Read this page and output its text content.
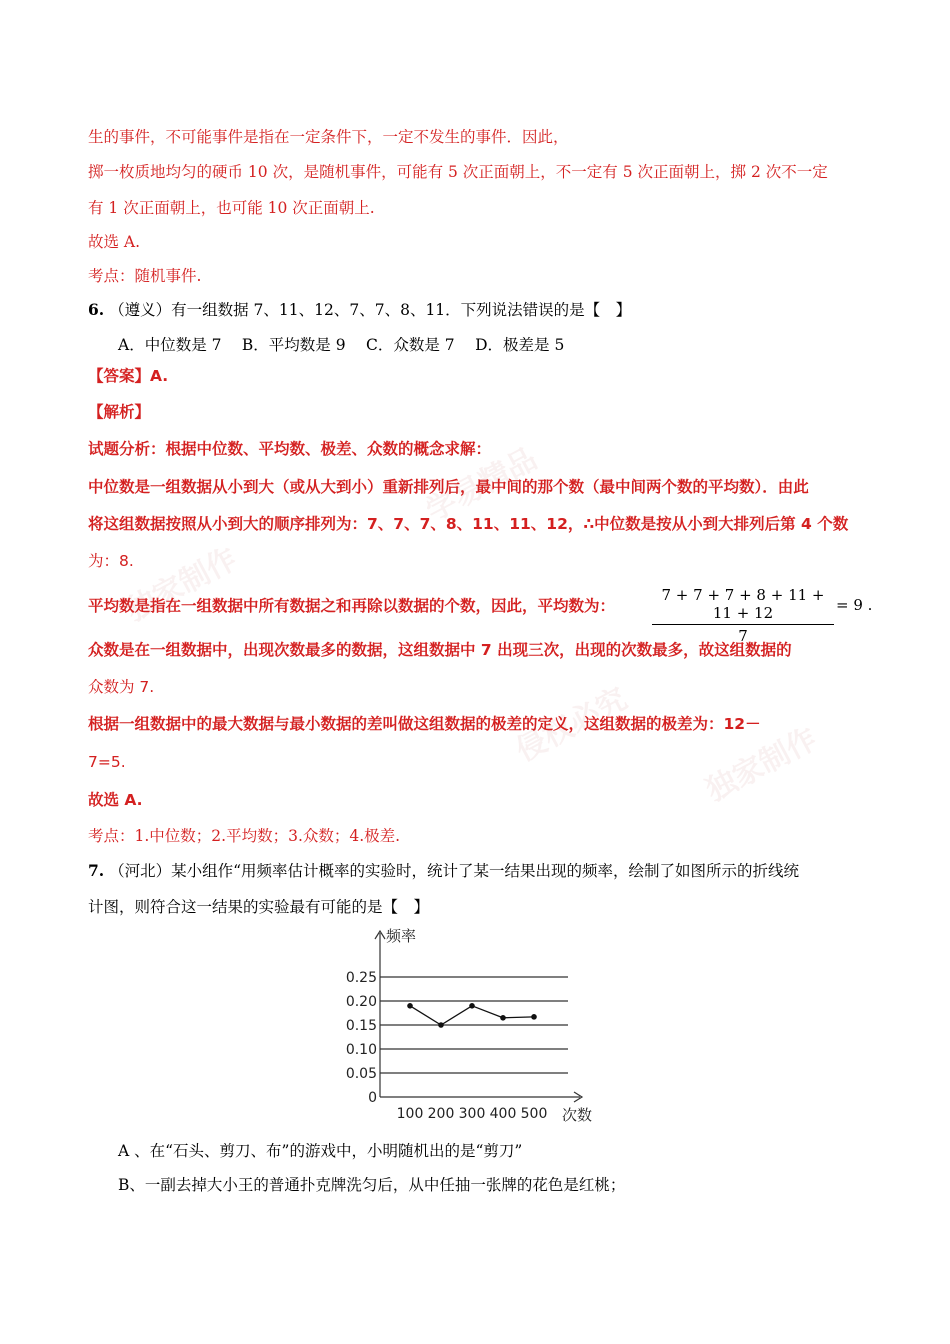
学易精品
独家制作
侵权必究 独家制作
生的事件，不可能事件是指在一定条件下，一定不发生的事件．因此，
掷一枚质地均匀的硬币 10 次，是随机事件，可能有 5 次正面朝上，不一定有 5 次正面朝上，掷 2 次不一定
有 1 次正面朝上，也可能 10 次正面朝上.
故选 A.
考点：随机事件.
6. （遵义）有一组数据 7、11、12、7、7、8、11．下列说法错误的是【　】
A．中位数是 7　 B．平均数是 9　 C．众数是 7　 D．极差是 5
【答案】A.
【解析】
试题分析：根据中位数、平均数、极差、众数的概念求解：
中位数是一组数据从小到大（或从大到小）重新排列后，最中间的那个数（最中间两个数的平均数）．由此
将这组数据按照从小到大的顺序排列为：7、7、7、8、11、11、12，∴中位数是按从小到大排列后第 4 个数
为：8.
平均数是指在一组数据中所有数据之和再除以数据的个数，因此，平均数为： $\frac{7 + 7 + 7 + 8 + 11 + 11 + 12}{7} = 9$ .
众数是在一组数据中，出现次数最多的数据，这组数据中 7 出现三次，出现的次数最多，故这组数据的
众数为 7.
根据一组数据中的最大数据与最小数据的差叫做这组数据的极差的定义，这组数据的极差为：12－
7=5.
故选 A.
考点：1.中位数；2.平均数；3.众数；4.极差.
7. （河北）某小组作“用频率估计概率的实验时，统计了某一结果出现的频率，绘制了如图所示的折线统
计图，则符合这一结果的实验最有可能的是【　】
0
0.05
0.10
0.15
0.20
0.25
100 200 300 400 500
频率
次数
A 、在“石头、剪刀、布”的游戏中，小明随机出的是“剪刀”
B、一副去掉大小王的普通扑克牌洗匀后，从中任抽一张牌的花色是红桃；
